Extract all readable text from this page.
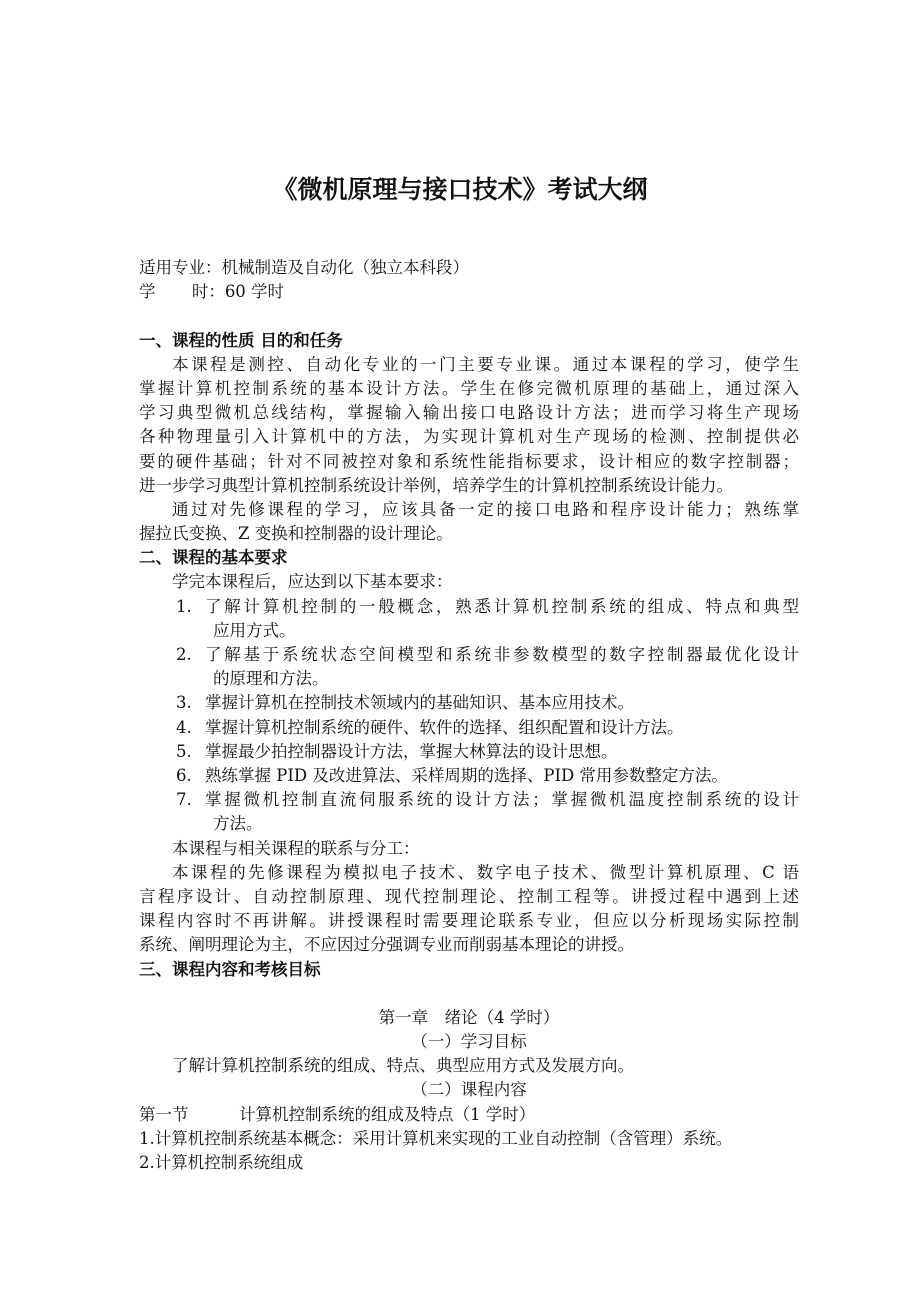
《微机原理与接口技术》考试大纲
适用专业：机械制造及自动化（独立本科段）
学时：60 学时
一、课程的性质 目的和任务
本课程是测控、自动化专业的一门主要专业课。通过本课程的学习，使学生
掌握计算机控制系统的基本设计方法。学生在修完微机原理的基础上，通过深入
学习典型微机总线结构，掌握输入输出接口电路设计方法；进而学习将生产现场
各种物理量引入计算机中的方法，为实现计算机对生产现场的检测、控制提供必
要的硬件基础；针对不同被控对象和系统性能指标要求，设计相应的数字控制器；
进一步学习典型计算机控制系统设计举例，培养学生的计算机控制系统设计能力。
通过对先修课程的学习，应该具备一定的接口电路和程序设计能力；熟练掌
握拉氏变换、Z 变换和控制器的设计理论。
二、课程的基本要求
学完本课程后，应达到以下基本要求：
1. 了解计算机控制的一般概念，熟悉计算机控制系统的组成、特点和典型
应用方式。
2. 了解基于系统状态空间模型和系统非参数模型的数字控制器最优化设计
的原理和方法。
3. 掌握计算机在控制技术领域内的基础知识、基本应用技术。
4. 掌握计算机控制系统的硬件、软件的选择、组织配置和设计方法。
5. 掌握最少拍控制器设计方法，掌握大林算法的设计思想。
6. 熟练掌握 PID 及改进算法、采样周期的选择、PID 常用参数整定方法。
7. 掌握微机控制直流伺服系统的设计方法；掌握微机温度控制系统的设计
方法。
本课程与相关课程的联系与分工：
本课程的先修课程为模拟电子技术、数字电子技术、微型计算机原理、C 语
言程序设计、自动控制原理、现代控制理论、控制工程等。讲授过程中遇到上述
课程内容时不再讲解。讲授课程时需要理论联系专业，但应以分析现场实际控制
系统、阐明理论为主，不应因过分强调专业而削弱基本理论的讲授。
三、课程内容和考核目标
第一章　绪论（4 学时）
（一）学习目标
了解计算机控制系统的组成、特点、典型应用方式及发展方向。
（二）课程内容
第一节	计算机控制系统的组成及特点（1 学时）
1.计算机控制系统基本概念：采用计算机来实现的工业自动控制（含管理）系统。
2.计算机控制系统组成
